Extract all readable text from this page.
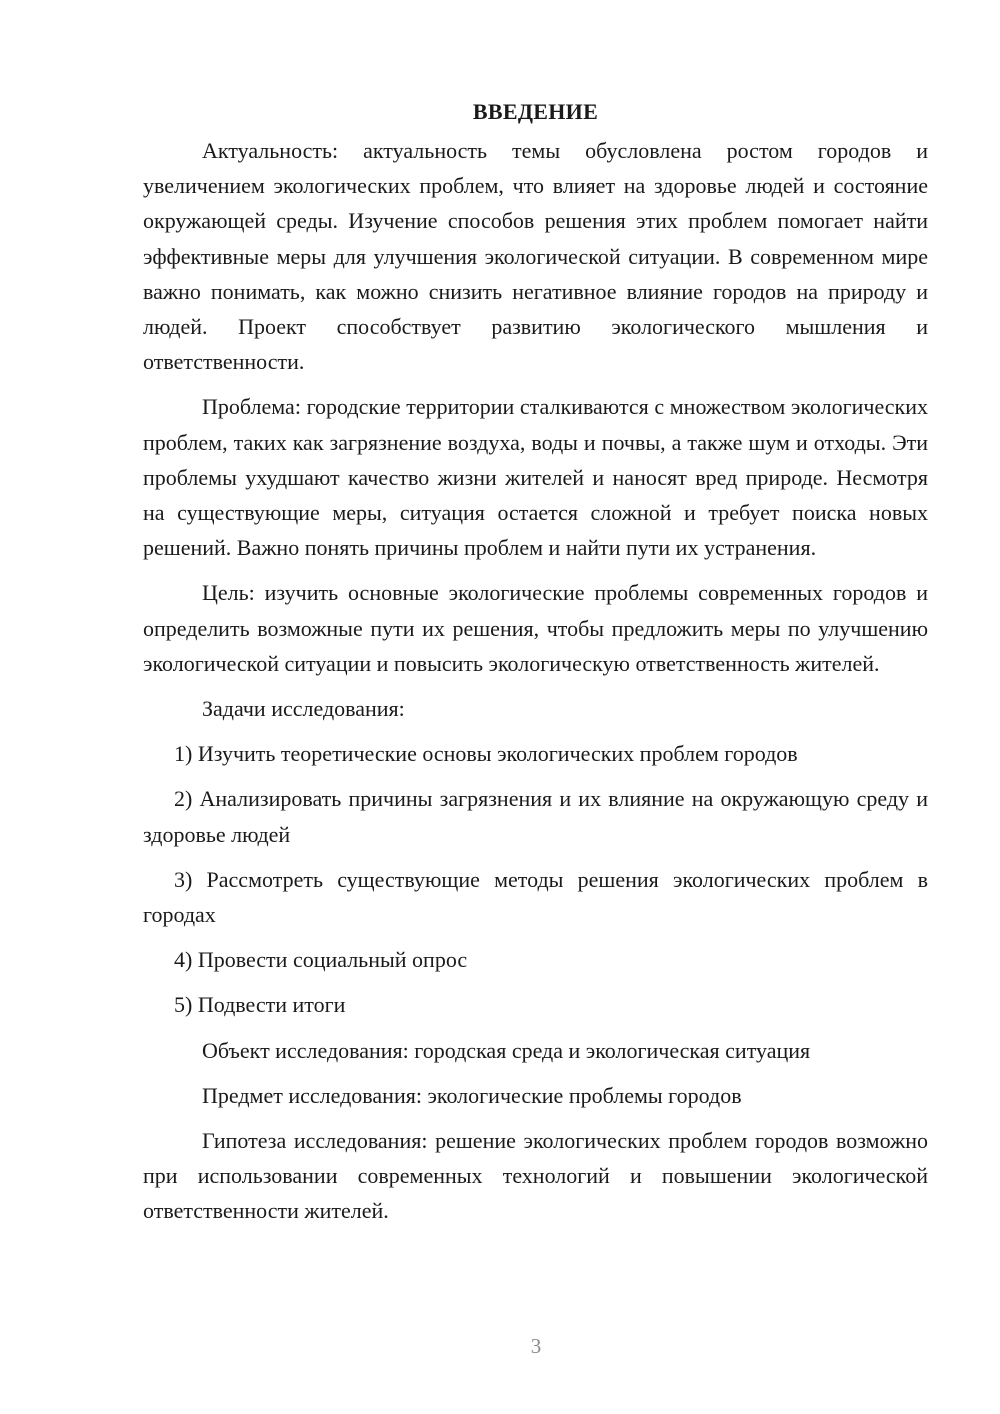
ВВЕДЕНИЕ

Актуальность: актуальность темы обусловлена ростом городов и увеличением экологических проблем, что влияет на здоровье людей и состояние окружающей среды. Изучение способов решения этих проблем помогает найти эффективные меры для улучшения экологической ситуации. В современном мире важно понимать, как можно снизить негативное влияние городов на природу и людей. Проект способствует развитию экологического мышления и ответственности.

Проблема: городские территории сталкиваются с множеством экологических проблем, таких как загрязнение воздуха, воды и почвы, а также шум и отходы. Эти проблемы ухудшают качество жизни жителей и наносят вред природе. Несмотря на существующие меры, ситуация остается сложной и требует поиска новых решений. Важно понять причины проблем и найти пути их устранения.

Цель: изучить основные экологические проблемы современных городов и определить возможные пути их решения, чтобы предложить меры по улучшению экологической ситуации и повысить экологическую ответственность жителей.

Задачи исследования:

1) Изучить теоретические основы экологических проблем городов

2) Анализировать причины загрязнения и их влияние на окружающую среду и здоровье людей

3) Рассмотреть существующие методы решения экологических проблем в городах

4) Провести социальный опрос

5) Подвести итоги

Объект исследования: городская среда и экологическая ситуация

Предмет исследования: экологические проблемы городов

Гипотеза исследования: решение экологических проблем городов возможно при использовании современных технологий и повышении экологической ответственности жителей.

3
